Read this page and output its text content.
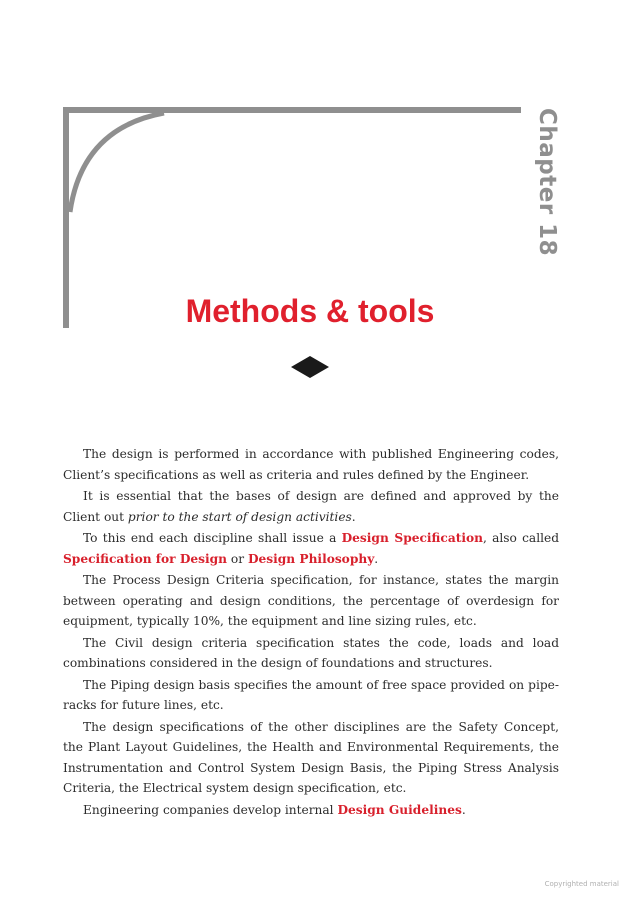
Chapter 18
Methods & tools

The design is performed in accordance with published Engineering codes, Client’s specifications as well as criteria and rules defined by the Engineer.

It is essential that the bases of design are defined and approved by the Client out prior to the start of design activities.

To this end each discipline shall issue a Design Specification, also called Specification for Design or Design Philosophy.

The Process Design Criteria specification, for instance, states the margin between operating and design conditions, the percentage of overdesign for equipment, typically 10%, the equipment and line sizing rules, etc.

The Civil design criteria specification states the code, loads and load combinations considered in the design of foundations and structures.

The Piping design basis specifies the amount of free space provided on pipe-racks for future lines, etc.

The design specifications of the other disciplines are the Safety Concept, the Plant Layout Guidelines, the Health and Environmental Requirements, the Instrumentation and Control System Design Basis, the Piping Stress Analysis Criteria, the Electrical system design specification, etc.

Engineering companies develop internal Design Guidelines.

Copyrighted material
